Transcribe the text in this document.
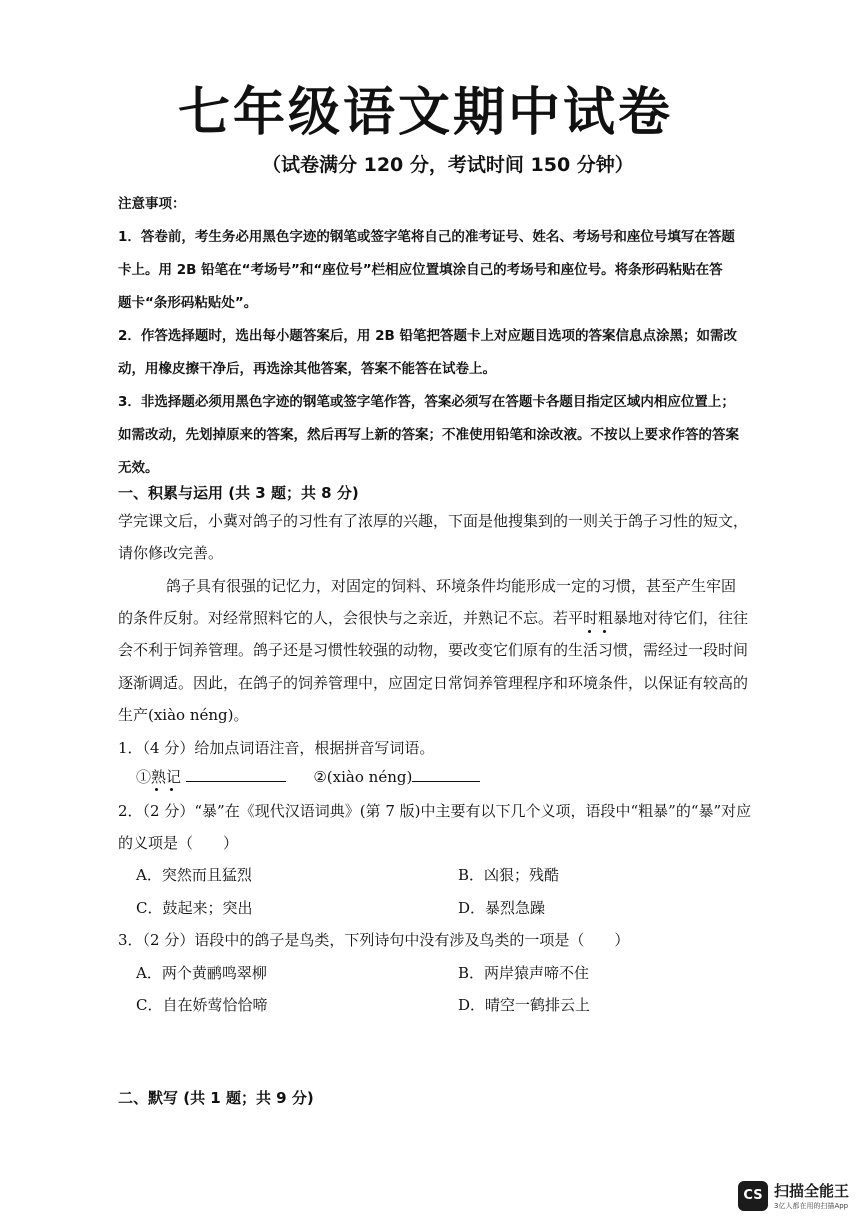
七年级语文期中试卷
（试卷满分 120 分，考试时间 150 分钟）
注意事项：
1．答卷前，考生务必用黑色字迹的钢笔或签字笔将自己的准考证号、姓名、考场号和座位号填写在答题
卡上。用 2B 铅笔在“考场号”和“座位号”栏相应位置填涂自己的考场号和座位号。将条形码粘贴在答
题卡“条形码粘贴处”。
2．作答选择题时，选出每小题答案后，用 2B 铅笔把答题卡上对应题目选项的答案信息点涂黑；如需改
动，用橡皮擦干净后，再选涂其他答案，答案不能答在试卷上。
3．非选择题必须用黑色字迹的钢笔或签字笔作答，答案必须写在答题卡各题目指定区域内相应位置上；
如需改动，先划掉原来的答案，然后再写上新的答案；不准使用铅笔和涂改液。不按以上要求作答的答案
无效。
一、积累与运用 (共 3 题；共 8 分)
学完课文后，小冀对鸽子的习性有了浓厚的兴趣，下面是他搜集到的一则关于鸽子习性的短文，
请你修改完善。
鸽子具有很强的记忆力，对固定的饲料、环境条件均能形成一定的习惯，甚至产生牢固
的条件反射。对经常照料它的人，会很快与之亲近，并熟记不忘。若平时粗暴地对待它们，往往
会不利于饲养管理。鸽子还是习惯性较强的动物，要改变它们原有的生活习惯，需经过一段时间
逐渐调适。因此，在鸽子的饲养管理中，应固定日常饲养管理程序和环境条件，以保证有较高的
生产(xiào néng)。
1．（4 分）给加点词语注音，根据拼音写词语。
①熟记	②(xiào néng)
2．（2 分）“暴”在《现代汉语词典》(第 7 版)中主要有以下几个义项，语段中“粗暴”的“暴”对应
的义项是（　　）
A．突然而且猛烈	B．凶狠；残酷
C．鼓起来；突出	D．暴烈急躁
3．（2 分）语段中的鸽子是鸟类，下列诗句中没有涉及鸟类的一项是（　　）
A．两个黄鹂鸣翠柳	B．两岸猿声啼不住
C．自在娇莺恰恰啼	D．晴空一鹤排云上
二、默写 (共 1 题；共 9 分)
CS 扫描全能王
3亿人都在用的扫描App
